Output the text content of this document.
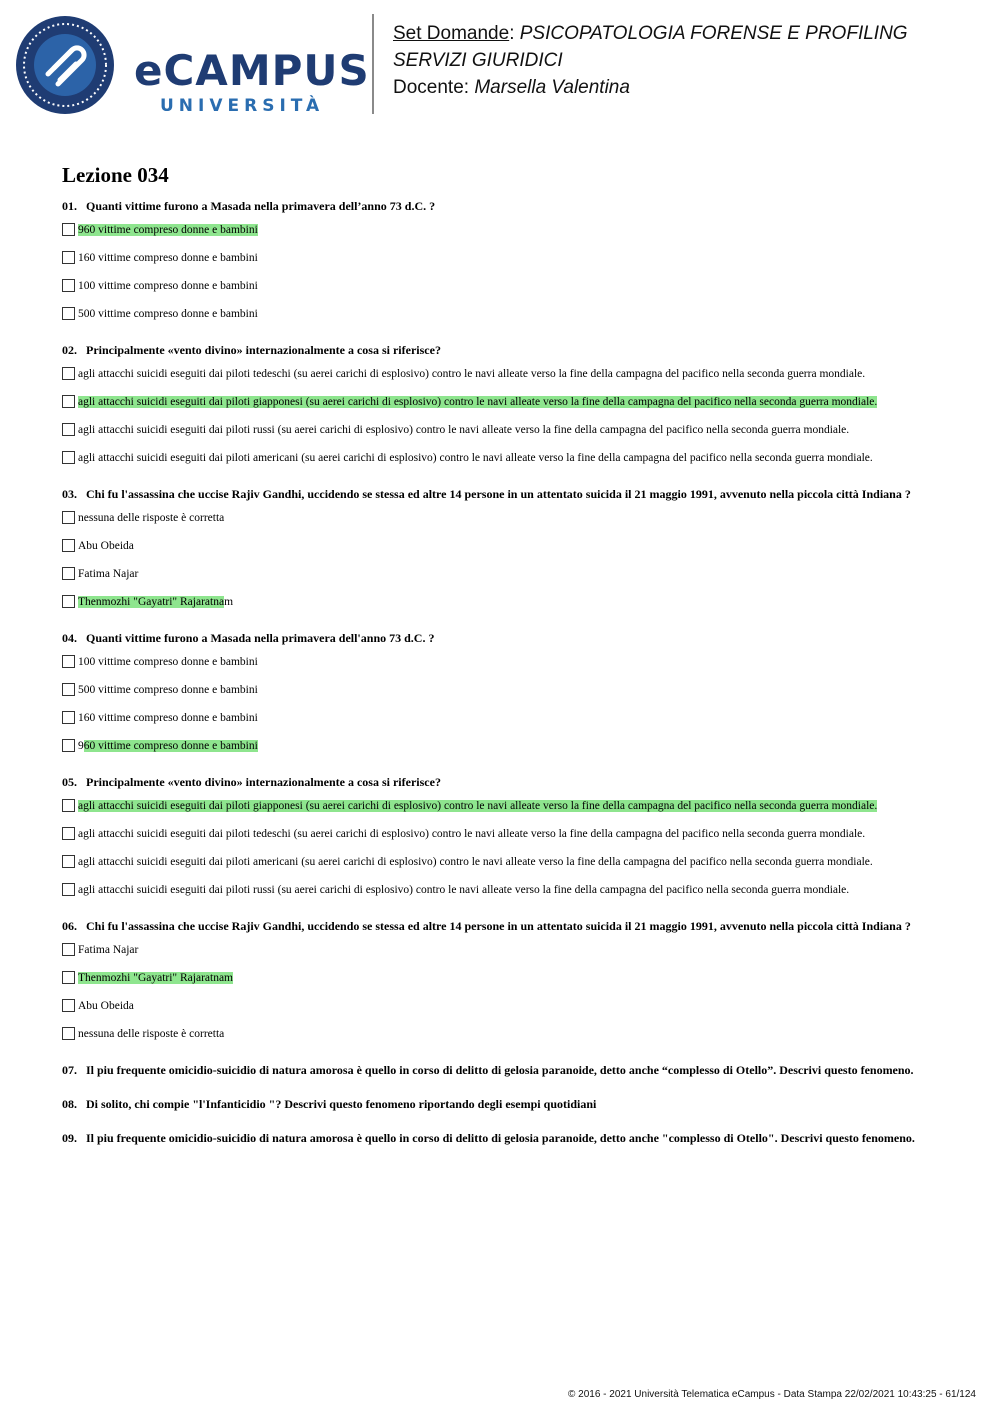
eCAMPUS
UNIVERSITÀ
Set Domande: PSICOPATOLOGIA FORENSE E PROFILING
SERVIZI GIURIDICI
Docente: Marsella Valentina
Lezione 034
01. Quanti vittime furono a Masada nella primavera dell’anno 73 d.C. ?
960 vittime compreso donne e bambini
160 vittime compreso donne e bambini
100 vittime compreso donne e bambini
500 vittime compreso donne e bambini
02. Principalmente «vento divino» internazionalmente a cosa si riferisce?
agli attacchi suicidi eseguiti dai piloti tedeschi (su aerei carichi di esplosivo) contro le navi alleate verso la fine della campagna del pacifico nella seconda guerra mondiale.
agli attacchi suicidi eseguiti dai piloti giapponesi (su aerei carichi di esplosivo) contro le navi alleate verso la fine della campagna del pacifico nella seconda guerra mondiale.
agli attacchi suicidi eseguiti dai piloti russi (su aerei carichi di esplosivo) contro le navi alleate verso la fine della campagna del pacifico nella seconda guerra mondiale.
agli attacchi suicidi eseguiti dai piloti americani (su aerei carichi di esplosivo) contro le navi alleate verso la fine della campagna del pacifico nella seconda guerra mondiale.
03. Chi fu l'assassina che uccise Rajiv Gandhi, uccidendo se stessa ed altre 14 persone in un attentato suicida il 21 maggio 1991, avvenuto nella piccola città Indiana ?
nessuna delle risposte è corretta
Abu Obeida
Fatima Najar
Thenmozhi "Gayatri" Rajaratnam
04. Quanti vittime furono a Masada nella primavera dell'anno 73 d.C. ?
100 vittime compreso donne e bambini
500 vittime compreso donne e bambini
160 vittime compreso donne e bambini
960 vittime compreso donne e bambini
05. Principalmente «vento divino» internazionalmente a cosa si riferisce?
agli attacchi suicidi eseguiti dai piloti giapponesi (su aerei carichi di esplosivo) contro le navi alleate verso la fine della campagna del pacifico nella seconda guerra mondiale.
agli attacchi suicidi eseguiti dai piloti tedeschi (su aerei carichi di esplosivo) contro le navi alleate verso la fine della campagna del pacifico nella seconda guerra mondiale.
agli attacchi suicidi eseguiti dai piloti americani (su aerei carichi di esplosivo) contro le navi alleate verso la fine della campagna del pacifico nella seconda guerra mondiale.
agli attacchi suicidi eseguiti dai piloti russi (su aerei carichi di esplosivo) contro le navi alleate verso la fine della campagna del pacifico nella seconda guerra mondiale.
06. Chi fu l'assassina che uccise Rajiv Gandhi, uccidendo se stessa ed altre 14 persone in un attentato suicida il 21 maggio 1991, avvenuto nella piccola città Indiana ?
Fatima Najar
Thenmozhi "Gayatri" Rajaratnam
Abu Obeida
nessuna delle risposte è corretta
07. Il piu frequente omicidio-suicidio di natura amorosa è quello in corso di delitto di gelosia paranoide, detto anche “complesso di Otello”. Descrivi questo fenomeno.
08. Di solito, chi compie "l'Infanticidio "? Descrivi questo fenomeno riportando degli esempi quotidiani
09. Il piu frequente omicidio-suicidio di natura amorosa è quello in corso di delitto di gelosia paranoide, detto anche "complesso di Otello". Descrivi questo fenomeno.
© 2016 - 2021 Università Telematica eCampus - Data Stampa 22/02/2021 10:43:25 - 61/124
